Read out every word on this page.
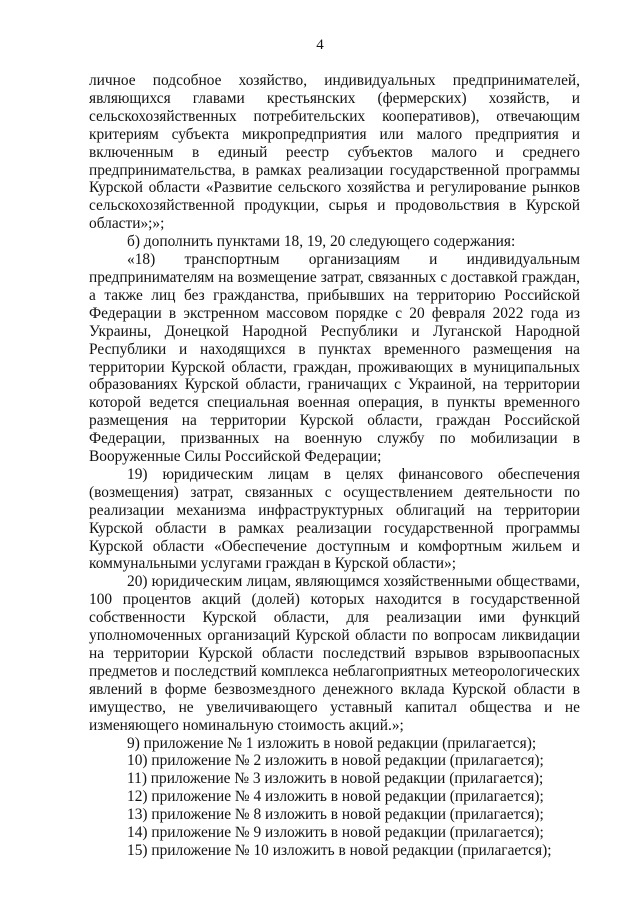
4

личное подсобное хозяйство, индивидуальных предпринимателей, являющихся главами крестьянских (фермерских) хозяйств, и сельскохозяйственных потребительских кооперативов), отвечающим критериям субъекта микропредприятия или малого предприятия и включенным в единый реестр субъектов малого и среднего предпринимательства, в рамках реализации государственной программы Курской области «Развитие сельского хозяйства и регулирование рынков сельскохозяйственной продукции, сырья и продовольствия в Курской области»;»;

б) дополнить пунктами 18, 19, 20 следующего содержания:

«18) транспортным организациям и индивидуальным предпринимателям на возмещение затрат, связанных с доставкой граждан, а также лиц без гражданства, прибывших на территорию Российской Федерации в экстренном массовом порядке с 20 февраля 2022 года из Украины, Донецкой Народной Республики и Луганской Народной Республики и находящихся в пунктах временного размещения на территории Курской области, граждан, проживающих в муниципальных образованиях Курской области, граничащих с Украиной, на территории которой ведется специальная военная операция, в пункты временного размещения на территории Курской области, граждан Российской Федерации, призванных на военную службу по мобилизации в Вооруженные Силы Российской Федерации;

19) юридическим лицам в целях финансового обеспечения (возмещения) затрат, связанных с осуществлением деятельности по реализации механизма инфраструктурных облигаций на территории Курской области в рамках реализации государственной программы Курской области «Обеспечение доступным и комфортным жильем и коммунальными услугами граждан в Курской области»;

20) юридическим лицам, являющимся хозяйственными обществами, 100 процентов акций (долей) которых находится в государственной собственности Курской области, для реализации ими функций уполномоченных организаций Курской области по вопросам ликвидации на территории Курской области последствий взрывов взрывоопасных предметов и последствий комплекса неблагоприятных метеорологических явлений в форме безвозмездного денежного вклада Курской области в имущество, не увеличивающего уставный капитал общества и не изменяющего номинальную стоимость акций.»;

9) приложение № 1 изложить в новой редакции (прилагается);

10) приложение № 2 изложить в новой редакции (прилагается);

11) приложение № 3 изложить в новой редакции (прилагается);

12) приложение № 4 изложить в новой редакции (прилагается);

13) приложение № 8 изложить в новой редакции (прилагается);

14) приложение № 9 изложить в новой редакции (прилагается);

15) приложение № 10 изложить в новой редакции (прилагается);
